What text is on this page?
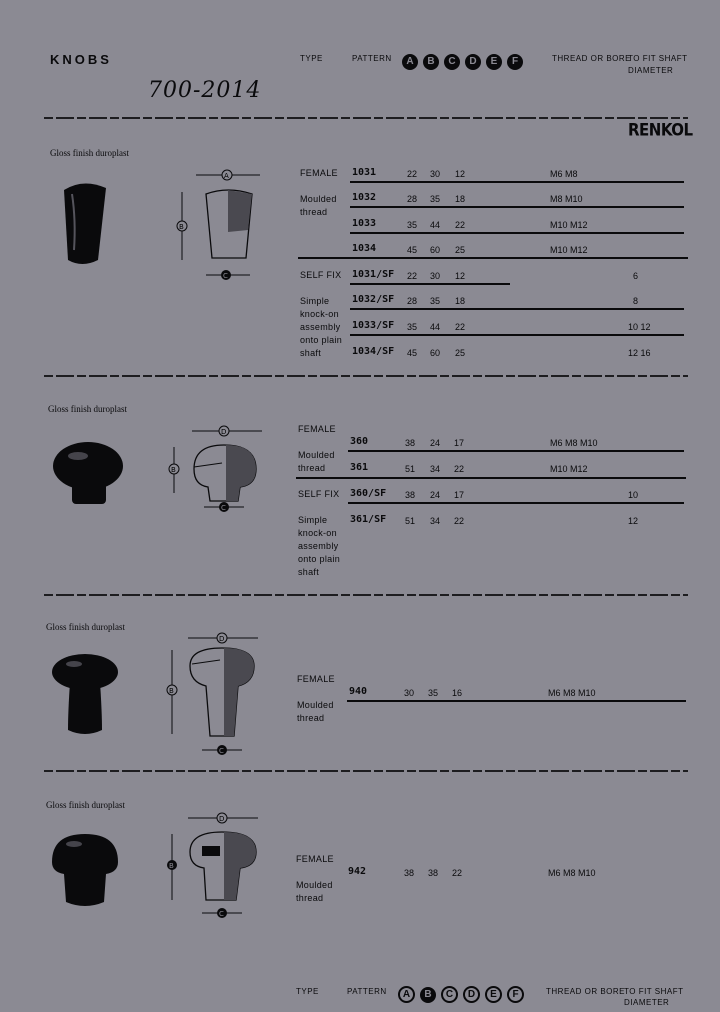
KNOBS
700-2014
TYPE	PATTERN	A B C D E F	THREAD OR BORE
TO FIT SHAFT
DIAMETER
RENKOL
Gloss finish duroplast
A
B
C
FEMALE

Moulded
thread
1031	22 30 12	M6 M8
1032	28 35 18	M8 M10
1033	35 44 22	M10 M12
1034	45 60 25	M10 M12
SELF FIX

Simple
knock-on
assembly
onto plain
shaft
1031/SF 22 30 12	6
1032/SF 28 35 18	8
1033/SF 35 44 22	10 12
1034/SF 45 60 25	12 16
Gloss finish duroplast
D
B
C
FEMALE

Moulded
thread
360	38 24 17	M6 M8 M10
361	51 34 22	M10 M12
SELF FIX

Simple
knock-on
assembly
onto plain
shaft
360/SF 38 24 17	10
361/SF 51 34 22	12
Gloss finish duroplast
D
B
C
FEMALE

Moulded
thread
940	30 35 16	M6 M8 M10
Gloss finish duroplast
D
B
C
FEMALE

Moulded
thread
942	38 38 22	M6 M8 M10
TYPE	PATTERN	A B C D E F	THREAD OR BORE
TO FIT SHAFT
DIAMETER
